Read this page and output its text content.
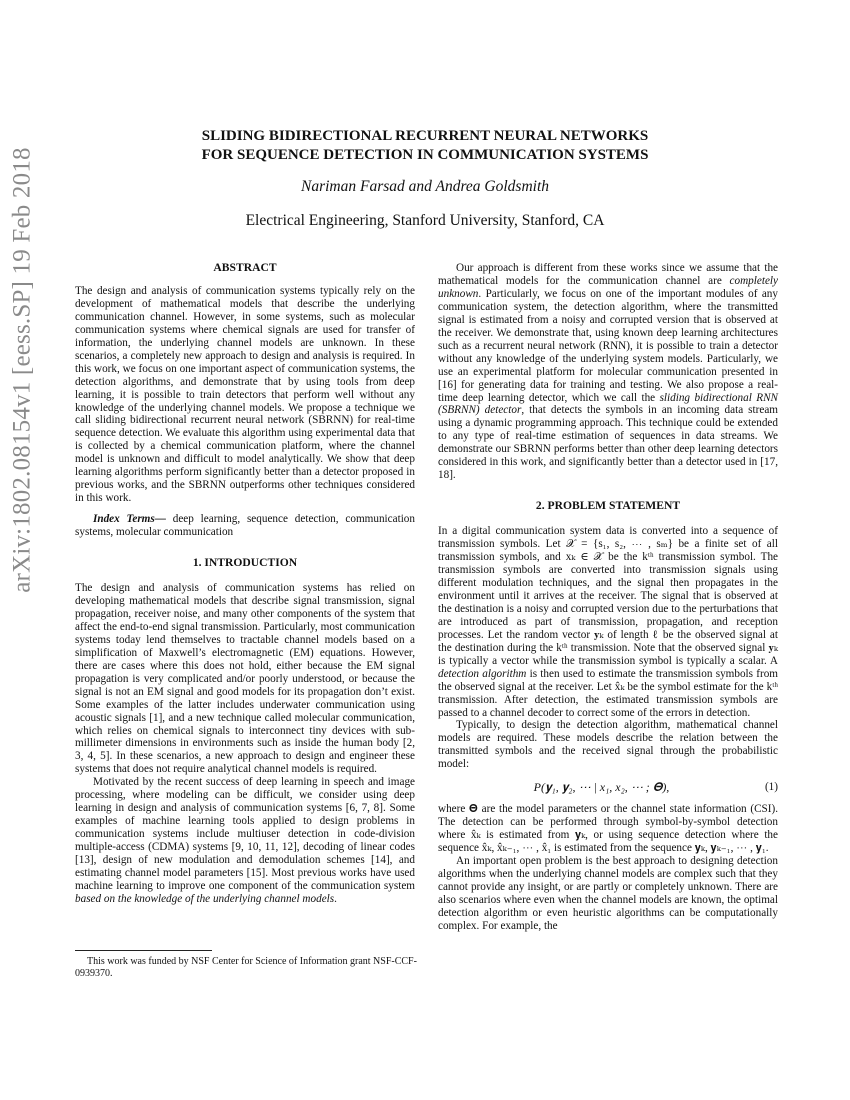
arXiv:1802.08154v1 [eess.SP] 19 Feb 2018
SLIDING BIDIRECTIONAL RECURRENT NEURAL NETWORKS
FOR SEQUENCE DETECTION IN COMMUNICATION SYSTEMS
Nariman Farsad and Andrea Goldsmith
Electrical Engineering, Stanford University, Stanford, CA
ABSTRACT

The design and analysis of communication systems typically rely on the development of mathematical models that describe the underlying communication channel. However, in some systems, such as molecular communication systems where chemical signals are used for transfer of information, the underlying channel models are unknown. In these scenarios, a completely new approach to design and analysis is required. In this work, we focus on one important aspect of communication systems, the detection algorithms, and demonstrate that by using tools from deep learning, it is possible to train detectors that perform well without any knowledge of the underlying channel models. We propose a technique we call sliding bidirectional recurrent neural network (SBRNN) for real-time sequence detection. We evaluate this algorithm using experimental data that is collected by a chemical communication platform, where the channel model is unknown and difficult to model analytically. We show that deep learning algorithms perform significantly better than a detector proposed in previous works, and the SBRNN outperforms other techniques considered in this work.

Index Terms— deep learning, sequence detection, communication systems, molecular communication

1. INTRODUCTION

The design and analysis of communication systems has relied on developing mathematical models that describe signal transmission, signal propagation, receiver noise, and many other components of the system that affect the end-to-end signal transmission. Particularly, most communication systems today lend themselves to tractable channel models based on a simplification of Maxwell’s electromagnetic (EM) equations. However, there are cases where this does not hold, either because the EM signal propagation is very complicated and/or poorly understood, or because the signal is not an EM signal and good models for its propagation don’t exist. Some examples of the latter includes underwater communication using acoustic signals [1], and a new technique called molecular communication, which relies on chemical signals to interconnect tiny devices with sub-millimeter dimensions in environments such as inside the human body [2, 3, 4, 5]. In these scenarios, a new approach to design and engineer these systems that does not require analytical channel models is required.

Motivated by the recent success of deep learning in speech and image processing, where modeling can be difficult, we consider using deep learning in design and analysis of communication systems [6, 7, 8]. Some examples of machine learning tools applied to design problems in communication systems include multiuser detection in code-division multiple-access (CDMA) systems [9, 10, 11, 12], decoding of linear codes [13], design of new modulation and demodulation schemes [14], and estimating channel model parameters [15]. Most previous works have used machine learning to improve one component of the communication system based on the knowledge of the underlying channel models.

This work was funded by NSF Center for Science of Information grant NSF-CCF-0939370.

Our approach is different from these works since we assume that the mathematical models for the communication channel are completely unknown. Particularly, we focus on one of the important modules of any communication system, the detection algorithm, where the transmitted signal is estimated from a noisy and corrupted version that is observed at the receiver. We demonstrate that, using known deep learning architectures such as a recurrent neural network (RNN), it is possible to train a detector without any knowledge of the underlying system models. Particularly, we use an experimental platform for molecular communication presented in [16] for generating data for training and testing. We also propose a real-time deep learning detector, which we call the sliding bidirectional RNN (SBRNN) detector, that detects the symbols in an incoming data stream using a dynamic programming approach. This technique could be extended to any type of real-time estimation of sequences in data streams. We demonstrate our SBRNN performs better than other deep learning detectors considered in this work, and significantly better than a detector used in [17, 18].

2. PROBLEM STATEMENT

In a digital communication system data is converted into a sequence of transmission symbols. Let 𝒳 = {s₁, s₂, ⋯ , sₘ} be a finite set of all transmission symbols, and xₖ ∈ 𝒳 be the kᵗʰ transmission symbol. The transmission symbols are converted into transmission signals using different modulation techniques, and the signal then propagates in the environment until it arrives at the receiver. The signal that is observed at the destination is a noisy and corrupted version due to the perturbations that are introduced as part of transmission, propagation, and reception processes. Let the random vector 𝐲ₖ of length ℓ be the observed signal at the destination during the kᵗʰ transmission. Note that the observed signal 𝐲ₖ is typically a vector while the transmission symbol is typically a scalar. A detection algorithm is then used to estimate the transmission symbols from the observed signal at the receiver. Let x̂ₖ be the symbol estimate for the kᵗʰ transmission. After detection, the estimated transmission symbols are passed to a channel decoder to correct some of the errors in detection.

Typically, to design the detection algorithm, mathematical channel models are required. These models describe the relation between the transmitted symbols and the received signal through the probabilistic model:

P(𝐲₁, 𝐲₂, ⋯ | x₁, x₂, ⋯ ; 𝚯),	(1)

where 𝚯 are the model parameters or the channel state information (CSI). The detection can be performed through symbol-by-symbol detection where x̂ₖ is estimated from 𝐲ₖ, or using sequence detection where the sequence x̂ₖ, x̂ₖ₋₁, ⋯ , x̂₁ is estimated from the sequence 𝐲ₖ, 𝐲ₖ₋₁, ⋯ , 𝐲₁.

An important open problem is the best approach to designing detection algorithms when the underlying channel models are complex such that they cannot provide any insight, or are partly or completely unknown. There are also scenarios where even when the channel models are known, the optimal detection algorithm or even heuristic algorithms can be computationally complex. For example, the
